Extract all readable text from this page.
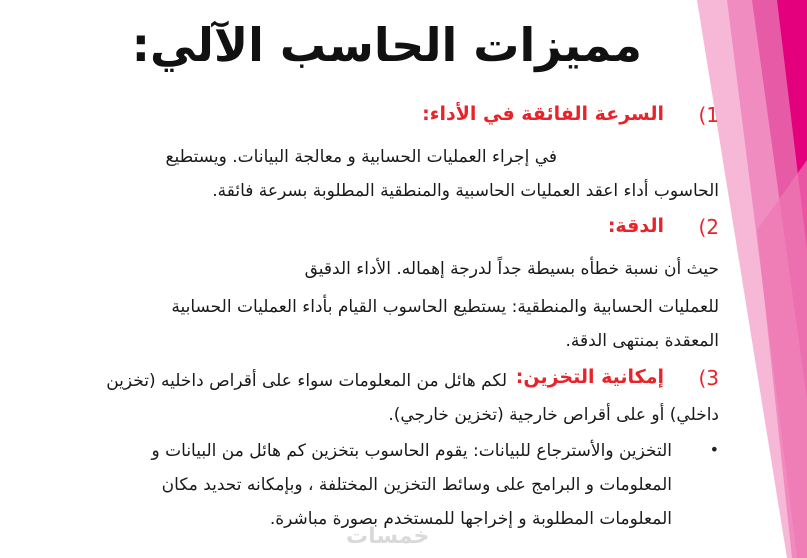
مميزات الحاسب الآلي:
1)
السرعة الفائقة في الأداء:
في إجراء العمليات الحسابية و معالجة البيانات. ويستطيع
الحاسوب أداء اعقد العمليات الحاسبية والمنطقية المطلوبة بسرعة فائقة.
2)
الدقة:
حيث أن نسبة خطأه بسيطة جداً لدرجة إهماله. الأداء الدقيق
للعمليات الحسابية والمنطقية: يستطيع الحاسوب القيام بأداء العمليات الحسابية
المعقدة بمنتهى الدقة.
3)
إمكانية التخزين:
لكم هائل من المعلومات سواء على أقراص داخليه (تخزين
داخلي) أو على أقراص خارجية (تخزين خارجي).
•
التخزين والأسترجاع للبيانات: يقوم الحاسوب بتخزين كم هائل من البيانات و
المعلومات و البرامج على وسائط التخزين المختلفة ، وبإمكانه تحديد مكان
المعلومات المطلوبة و إخراجها للمستخدم بصورة مباشرة.
خمسات
